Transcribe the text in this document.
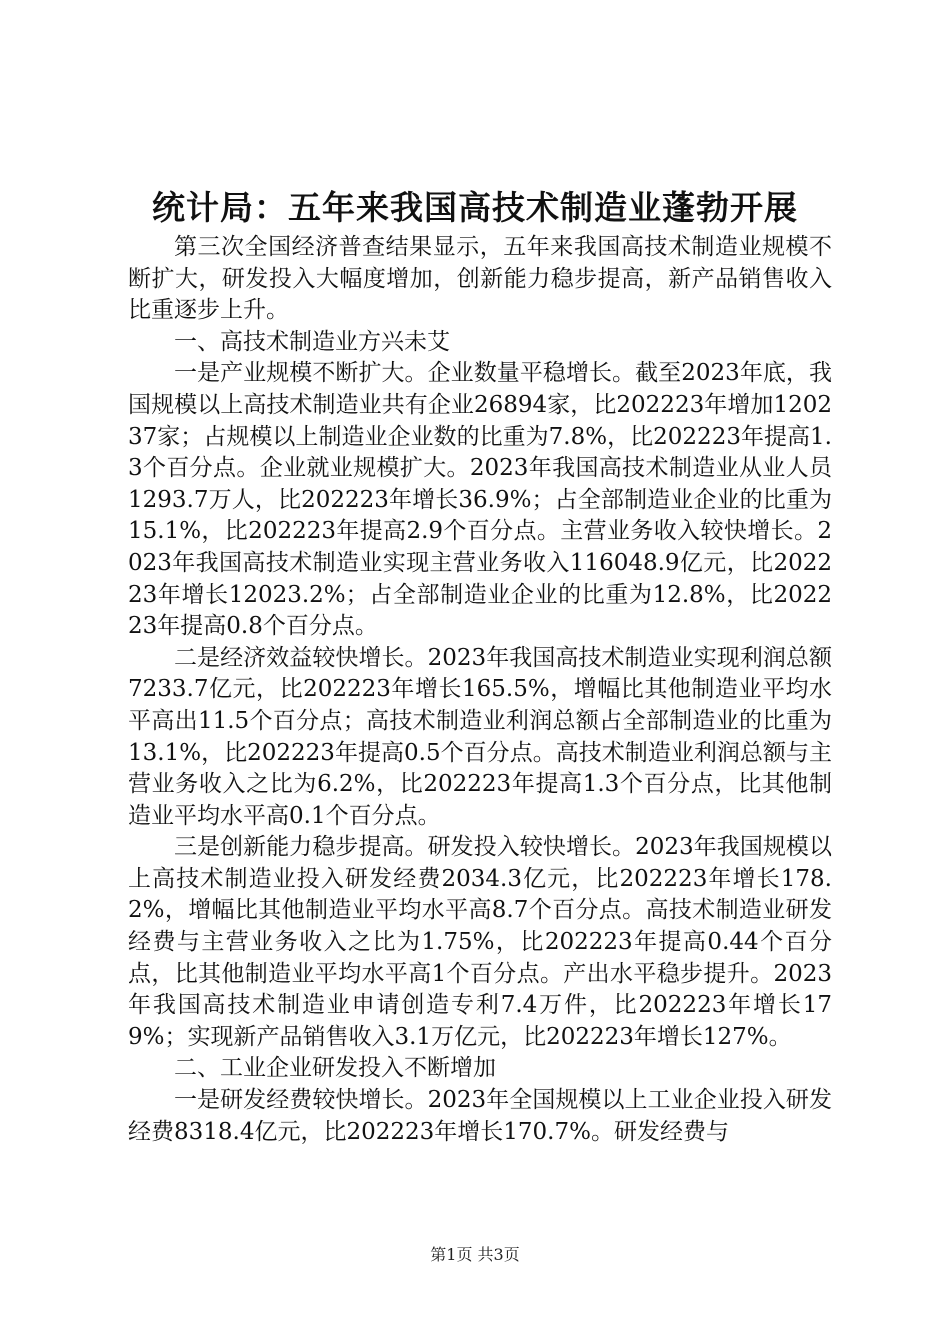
统计局：五年来我国高技术制造业蓬勃开展

第三次全国经济普查结果显示，五年来我国高技术制造业规模不断扩大，研发投入大幅度增加，创新能力稳步提高，新产品销售收入比重逐步上升。

一、高技术制造业方兴未艾

一是产业规模不断扩大。企业数量平稳增长。截至2023年底，我国规模以上高技术制造业共有企业26894家，比202223年增加120237家；占规模以上制造业企业数的比重为7.8%，比202223年提高1.3个百分点。企业就业规模扩大。2023年我国高技术制造业从业人员1293.7万人，比202223年增长36.9%；占全部制造业企业的比重为15.1%，比202223年提高2.9个百分点。主营业务收入较快增长。2023年我国高技术制造业实现主营业务收入116048.9亿元，比202223年增长12023.2%；占全部制造业企业的比重为12.8%，比202223年提高0.8个百分点。

二是经济效益较快增长。2023年我国高技术制造业实现利润总额7233.7亿元，比202223年增长165.5%，增幅比其他制造业平均水平高出11.5个百分点；高技术制造业利润总额占全部制造业的比重为13.1%，比202223年提高0.5个百分点。高技术制造业利润总额与主营业务收入之比为6.2%，比202223年提高1.3个百分点，比其他制造业平均水平高0.1个百分点。

三是创新能力稳步提高。研发投入较快增长。2023年我国规模以上高技术制造业投入研发经费2034.3亿元，比202223年增长178.2%，增幅比其他制造业平均水平高8.7个百分点。高技术制造业研发经费与主营业务收入之比为1.75%，比202223年提高0.44个百分点，比其他制造业平均水平高1个百分点。产出水平稳步提升。2023年我国高技术制造业申请创造专利7.4万件，比202223年增长179%；实现新产品销售收入3.1万亿元，比202223年增长127%。

二、工业企业研发投入不断增加

一是研发经费较快增长。2023年全国规模以上工业企业投入研发经费8318.4亿元，比202223年增长170.7%。研发经费与

第1页 共3页
